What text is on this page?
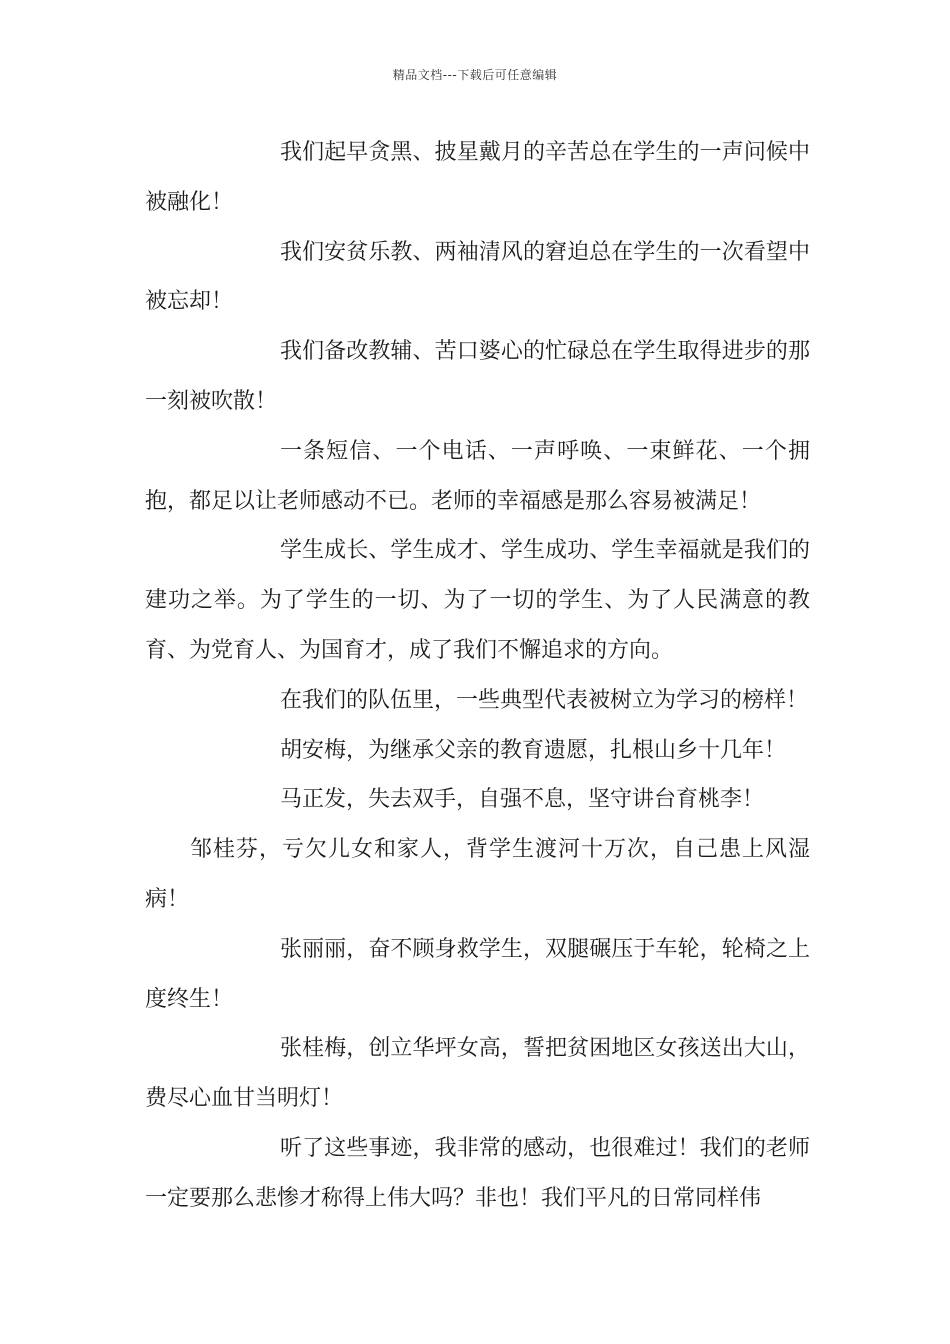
精品文档---下载后可任意编辑

我们起早贪黑、披星戴月的辛苦总在学生的一声问候中被融化！

我们安贫乐教、两袖清风的窘迫总在学生的一次看望中被忘却！

我们备改教辅、苦口婆心的忙碌总在学生取得进步的那一刻被吹散！

一条短信、一个电话、一声呼唤、一束鲜花、一个拥抱，都足以让老师感动不已。老师的幸福感是那么容易被满足！

学生成长、学生成才、学生成功、学生幸福就是我们的建功之举。为了学生的一切、为了一切的学生、为了人民满意的教育、为党育人、为国育才，成了我们不懈追求的方向。

在我们的队伍里，一些典型代表被树立为学习的榜样！

胡安梅，为继承父亲的教育遗愿，扎根山乡十几年！

马正发，失去双手，自强不息，坚守讲台育桃李！

邹桂芬，亏欠儿女和家人，背学生渡河十万次，自己患上风湿病！

张丽丽，奋不顾身救学生，双腿碾压于车轮，轮椅之上度终生！

张桂梅，创立华坪女高，誓把贫困地区女孩送出大山，费尽心血甘当明灯！

听了这些事迹，我非常的感动，也很难过！我们的老师一定要那么悲惨才称得上伟大吗？非也！我们平凡的日常同样伟
